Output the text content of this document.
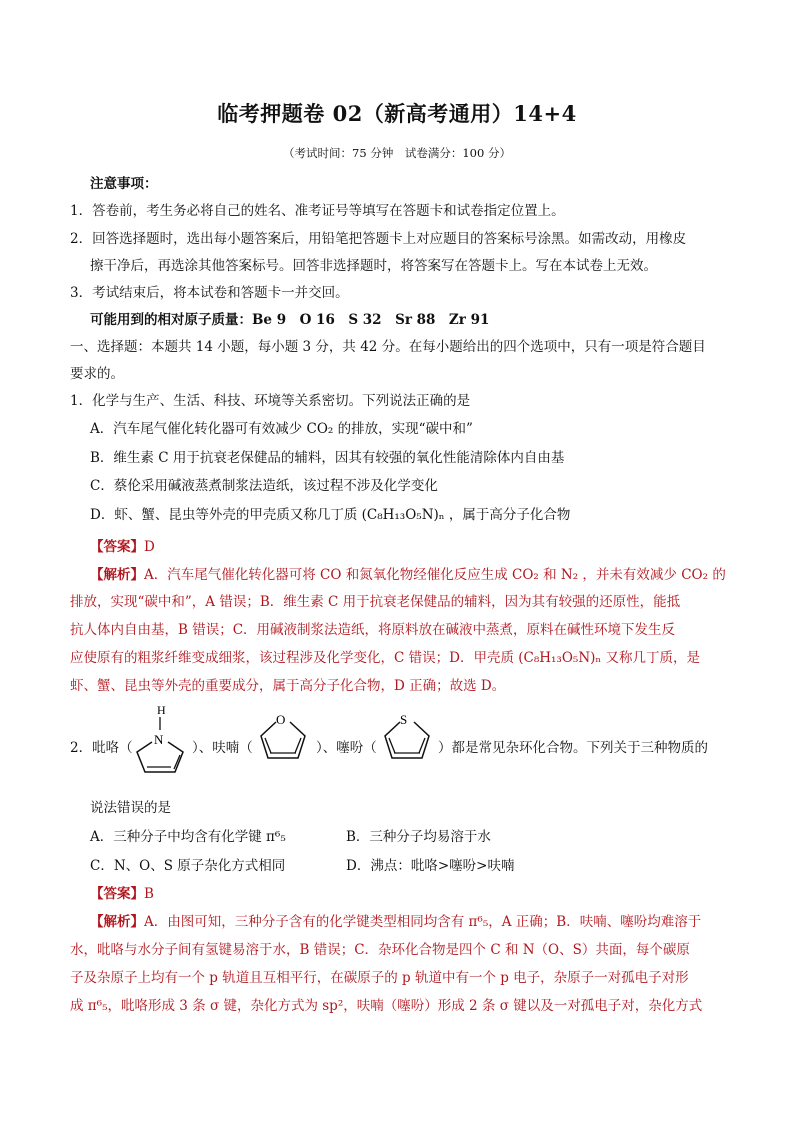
临考押题卷 02（新高考通用）14+4
（考试时间：75 分钟　试卷满分：100 分）
注意事项：
1．答卷前，考生务必将自己的姓名、准考证号等填写在答题卡和试卷指定位置上。
2．回答选择题时，选出每小题答案后，用铅笔把答题卡上对应题目的答案标号涂黑。如需改动，用橡皮
擦干净后，再选涂其他答案标号。回答非选择题时，将答案写在答题卡上。写在本试卷上无效。
3．考试结束后，将本试卷和答题卡一并交回。
可能用到的相对原子质量：Be 9　O 16　S 32　Sr 88　Zr 91
一、选择题：本题共 14 小题，每小题 3 分，共 42 分。在每小题给出的四个选项中，只有一项是符合题目
要求的。
1．化学与生产、生活、科技、环境等关系密切。下列说法正确的是
A．汽车尾气催化转化器可有效减少 CO₂ 的排放，实现“碳中和”
B．维生素 C 用于抗衰老保健品的辅料，因其有较强的氧化性能清除体内自由基
C．蔡伦采用碱液蒸煮制浆法造纸，该过程不涉及化学变化
D．虾、蟹、昆虫等外壳的甲壳质又称几丁质 (C₈H₁₃O₅N)ₙ ，属于高分子化合物
【答案】D
【解析】A．汽车尾气催化转化器可将 CO 和氮氧化物经催化反应生成 CO₂ 和 N₂ ，并未有效减少 CO₂ 的
排放，实现“碳中和”，A 错误；B．维生素 C 用于抗衰老保健品的辅料，因为其有较强的还原性，能抵
抗人体内自由基，B 错误；C．用碱液制浆法造纸，将原料放在碱液中蒸煮，原料在碱性环境下发生反
应使原有的粗浆纤维变成细浆，该过程涉及化学变化，C 错误；D．甲壳质 (C₈H₁₃O₅N)ₙ 又称几丁质，是
虾、蟹、昆虫等外壳的重要成分，属于高分子化合物，D 正确；故选 D。
2．吡咯（
H
N
）、呋喃（
O
）、噻吩（
S
）都是常见杂环化合物。下列关于三种物质的
说法错误的是
A．三种分子中均含有化学键 π⁶₅	B．三种分子均易溶于水
C．N、O、S 原子杂化方式相同	D．沸点：吡咯>噻吩>呋喃
【答案】B
【解析】A．由图可知，三种分子含有的化学键类型相同均含有 π⁶₅，A 正确；B．呋喃、噻吩均难溶于
水，吡咯与水分子间有氢键易溶于水，B 错误；C．杂环化合物是四个 C 和 N（O、S）共面，每个碳原
子及杂原子上均有一个 p 轨道且互相平行，在碳原子的 p 轨道中有一个 p 电子，杂原子一对孤电子对形
成 π⁶₅，吡咯形成 3 条 σ 键，杂化方式为 sp²，呋喃（噻吩）形成 2 条 σ 键以及一对孤电子对，杂化方式
